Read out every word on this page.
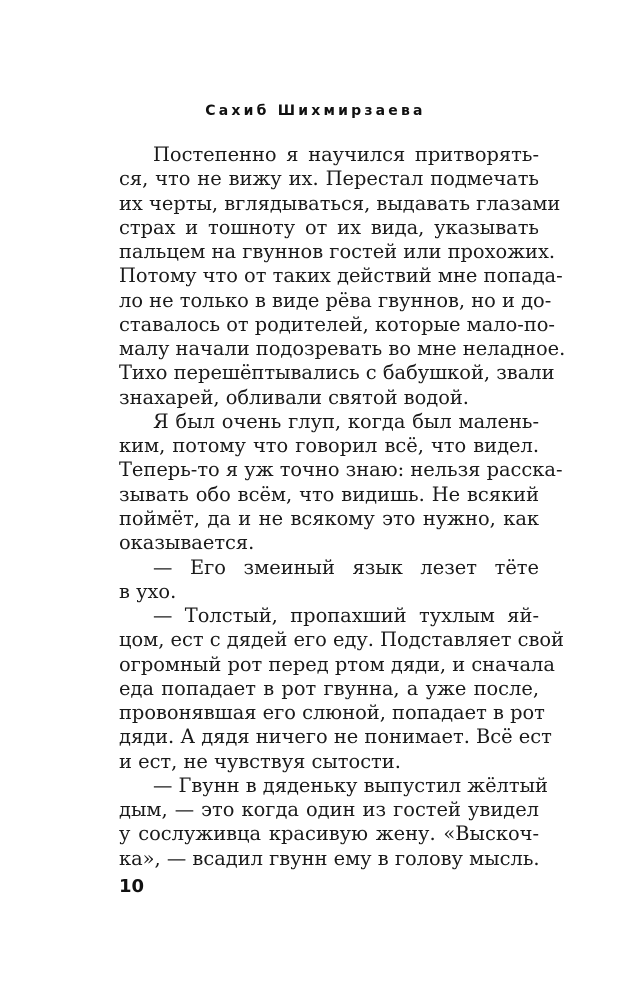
Сахиб Шихмирзаева
Постепенно я научился притворять-
ся, что не вижу их. Перестал подмечать
их черты, вглядываться, выдавать глазами
страх и тошноту от их вида, указывать
пальцем на гвуннов гостей или прохожих.
Потому что от таких действий мне попада-
ло не только в виде рёва гвуннов, но и до-
ставалось от родителей, которые мало-по-
малу начали подозревать во мне неладное.
Тихо перешёптывались с бабушкой, звали
знахарей, обливали святой водой.
Я был очень глуп, когда был малень-
ким, потому что говорил всё, что видел.
Теперь-то я уж точно знаю: нельзя расска-
зывать обо всём, что видишь. Не всякий
поймёт, да и не всякому это нужно, как
оказывается.
— Его змеиный язык лезет тёте
в ухо.
— Толстый, пропахший тухлым яй-
цом, ест с дядей его еду. Подставляет свой
огромный рот перед ртом дяди, и сначала
еда попадает в рот гвунна, а уже после,
провонявшая его слюной, попадает в рот
дяди. А дядя ничего не понимает. Всё ест
и ест, не чувствуя сытости.
— Гвунн в дяденьку выпустил жёлтый
дым, — это когда один из гостей увидел
у сослуживца красивую жену. «Выскоч-
ка», — всадил гвунн ему в голову мысль.
10
